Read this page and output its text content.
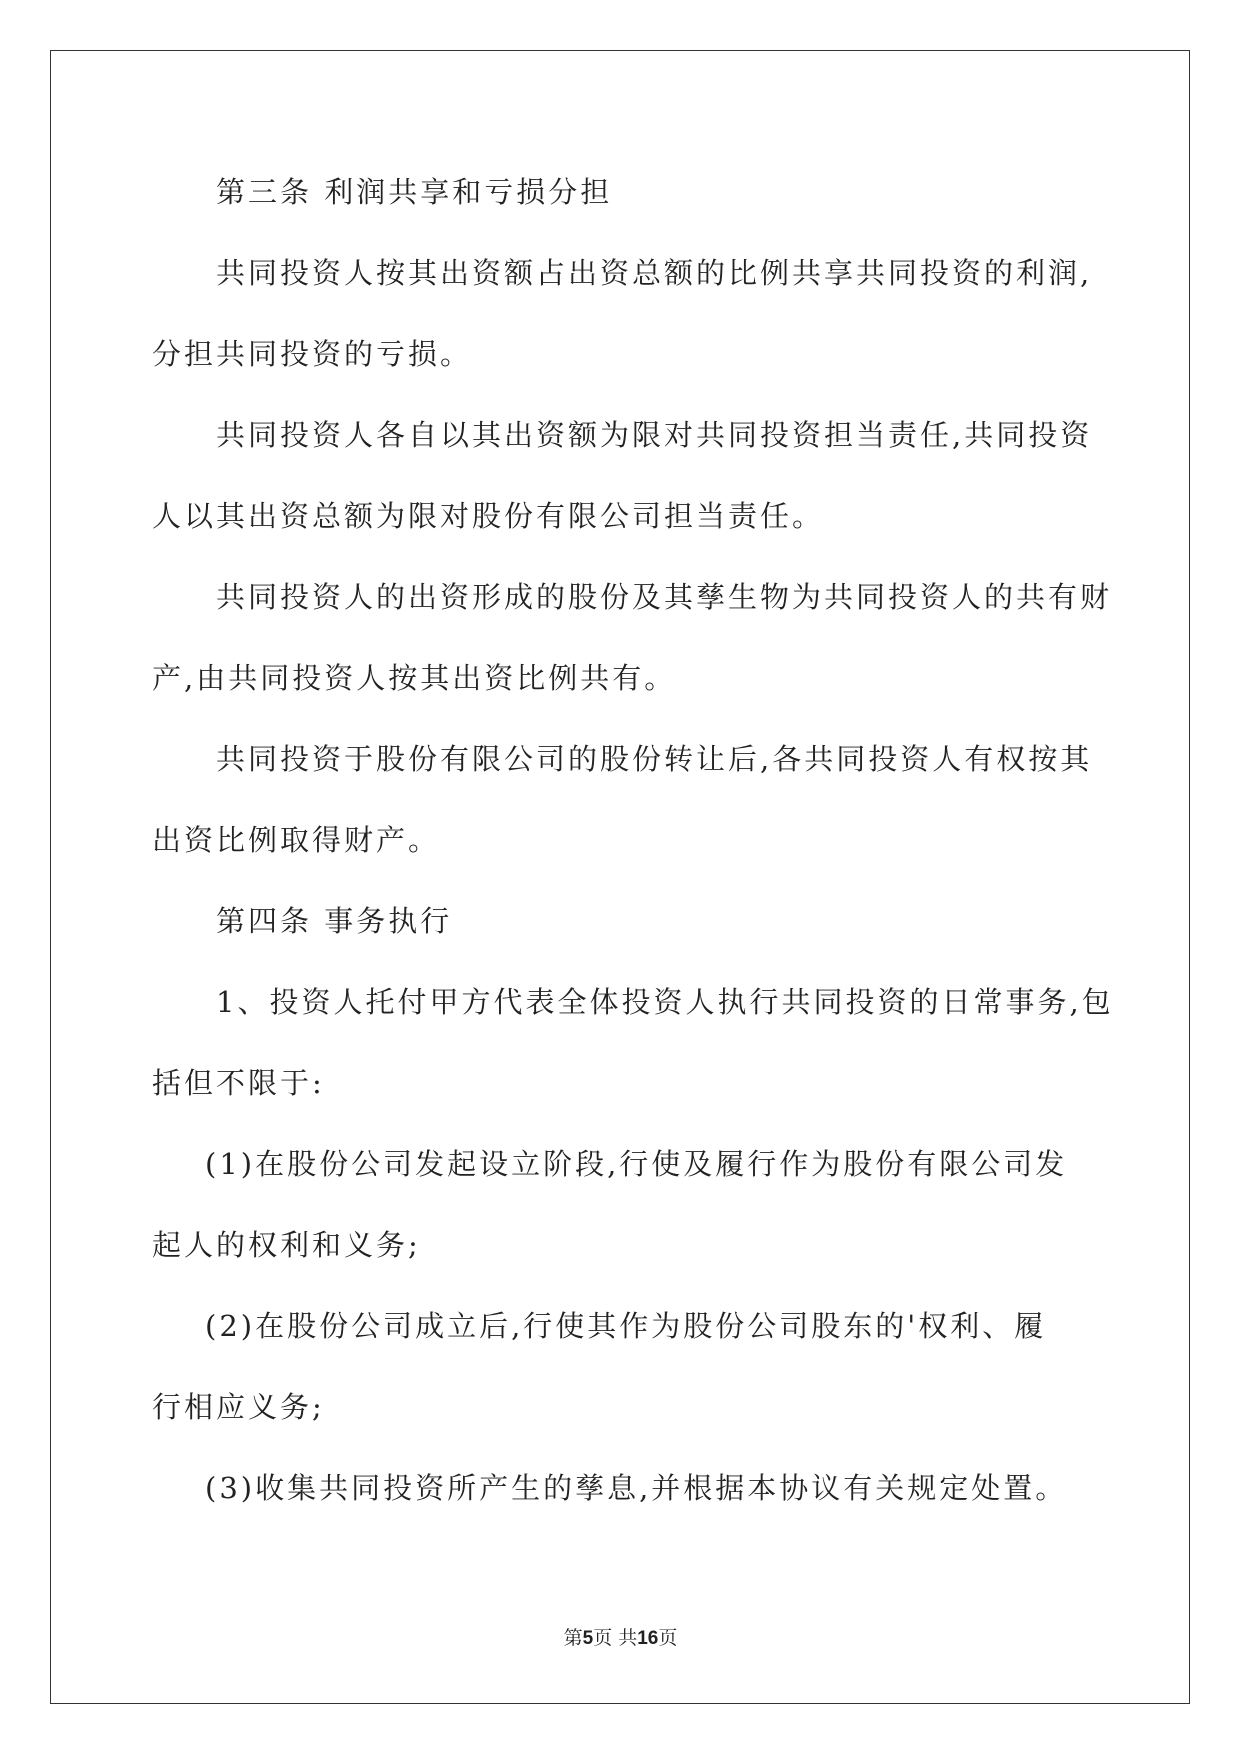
第三条 利润共享和亏损分担

共同投资人按其出资额占出资总额的比例共享共同投资的利润,

分担共同投资的亏损。

共同投资人各自以其出资额为限对共同投资担当责任,共同投资

人以其出资总额为限对股份有限公司担当责任。

共同投资人的出资形成的股份及其孳生物为共同投资人的共有财

产,由共同投资人按其出资比例共有。

共同投资于股份有限公司的股份转让后,各共同投资人有权按其

出资比例取得财产。

第四条 事务执行

1、投资人托付甲方代表全体投资人执行共同投资的日常事务,包

括但不限于:

(1)在股份公司发起设立阶段,行使及履行作为股份有限公司发

起人的权利和义务;

(2)在股份公司成立后,行使其作为股份公司股东的'权利、履

行相应义务;

(3)收集共同投资所产生的孳息,并根据本协议有关规定处置。

第5页 共16页
